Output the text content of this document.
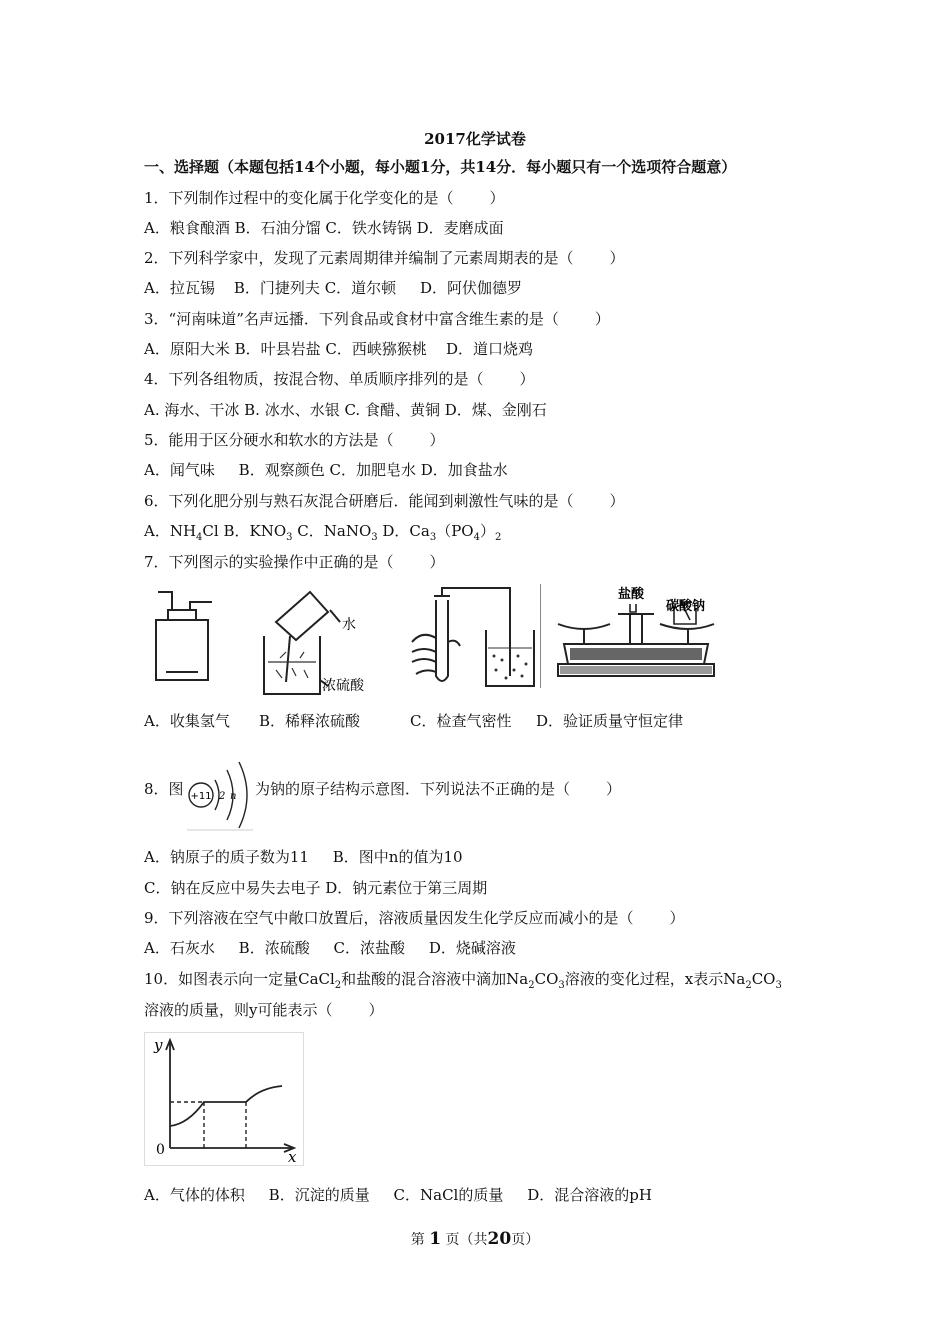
2017化学试卷
一、选择题（本题包括14个小题，每小题1分，共14分．每小题只有一个选项符合题意）
1．下列制作过程中的变化属于化学变化的是（ ）
A．粮食酿酒 B．石油分馏 C．铁水铸锅 D．麦磨成面
2．下列科学家中，发现了元素周期律并编制了元素周期表的是（ ）
A．拉瓦锡    B．门捷列夫 C．道尔顿     D．阿伏伽德罗
3．“河南味道”名声远播．下列食品或食材中富含维生素的是（ ）
A．原阳大米 B．叶县岩盐 C．西峡猕猴桃    D．道口烧鸡
4．下列各组物质，按混合物、单质顺序排列的是（ ）
A. 海水、干冰 B. 冰水、水银 C. 食醋、黄铜 D．煤、金刚石
5．能用于区分硬水和软水的方法是（ ）
A．闻气味     B．观察颜色 C．加肥皂水 D．加食盐水
6．下列化肥分别与熟石灰混合研磨后．能闻到刺激性气味的是（ ）
A．$NH_4Cl$ B．$KNO_3$ C．NaNO$_3$ D．$Ca_3(PO_4)_2$
7．下列图示的实验操作中正确的是（ ）
水
浓硫酸
盐酸
碳酸钠
A．收集氢气 B．稀释浓硫酸	C．检查气密性 D．验证质量守恒定律
8．图 +11 2 n 为钠的原子结构示意图．下列说法不正确的是（ ）
A．钠原子的质子数为11     B．图中n的值为10
C．钠在反应中易失去电子 D．钠元素位于第三周期
9．下列溶液在空气中敞口放置后，溶液质量因发生化学反应而减小的是（ ）
A．石灰水     B．浓硫酸     C．浓盐酸     D．烧碱溶液
10．如图表示向一定量CaCl$_2$和盐酸的混合溶液中滴加$Na_2CO_3$溶液的变化过程，x表示$Na_2CO_3$
溶液的质量，则y可能表示（ ）
y
x
0
A．气体的体积     B．沉淀的质量     C．NaCl的质量     D．混合溶液的pH
第 1 页（共20页）
